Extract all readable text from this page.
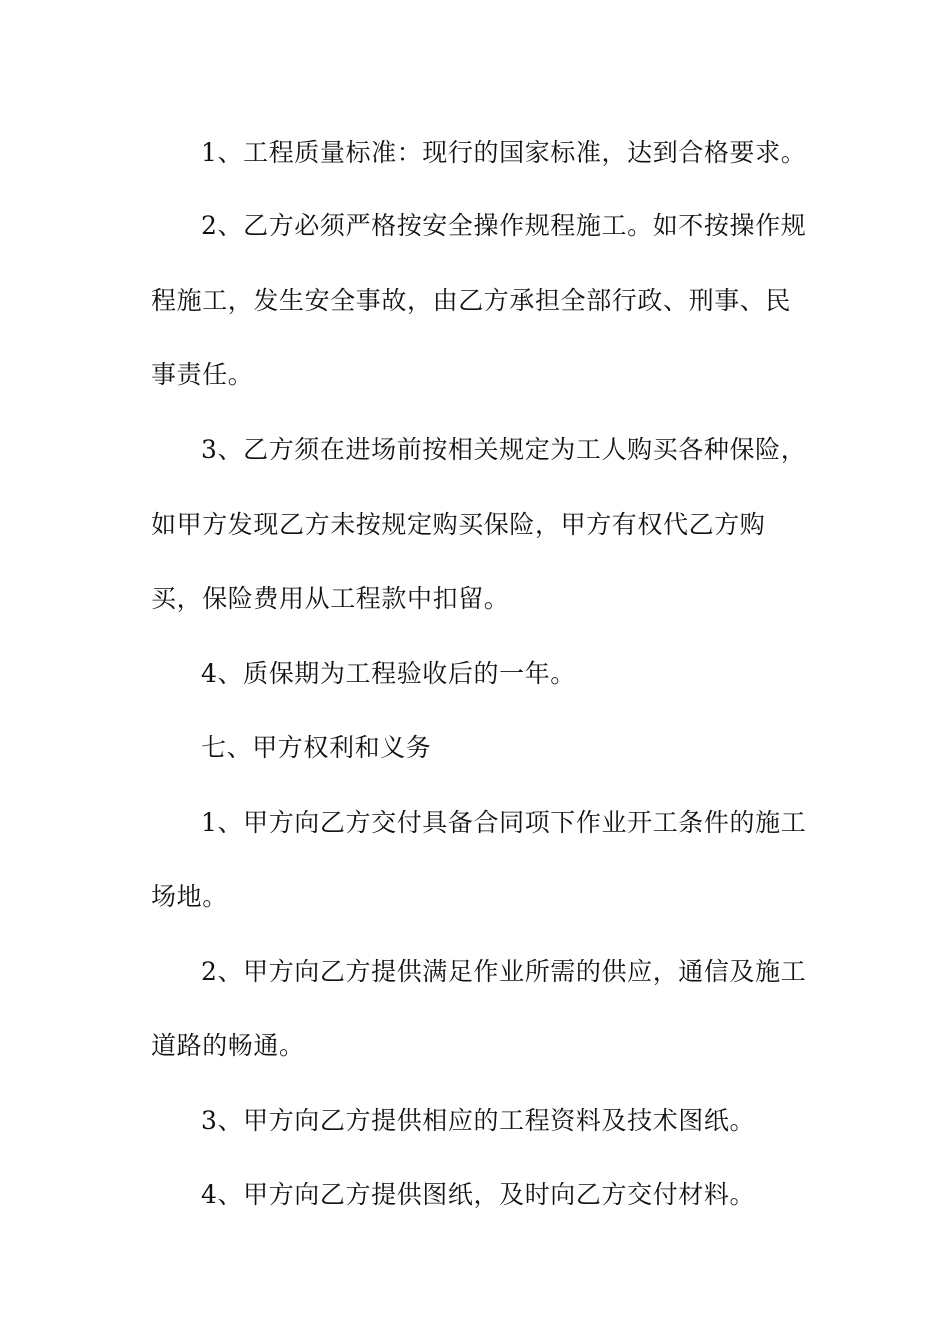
1、工程质量标准：现行的国家标准，达到合格要求。
2、乙方必须严格按安全操作规程施工。如不按操作规
程施工，发生安全事故，由乙方承担全部行政、刑事、民
事责任。
3、乙方须在进场前按相关规定为工人购买各种保险，
如甲方发现乙方未按规定购买保险，甲方有权代乙方购
买，保险费用从工程款中扣留。
4、质保期为工程验收后的一年。
七、甲方权利和义务
1、甲方向乙方交付具备合同项下作业开工条件的施工
场地。
2、甲方向乙方提供满足作业所需的供应，通信及施工
道路的畅通。
3、甲方向乙方提供相应的工程资料及技术图纸。
4、甲方向乙方提供图纸，及时向乙方交付材料。
